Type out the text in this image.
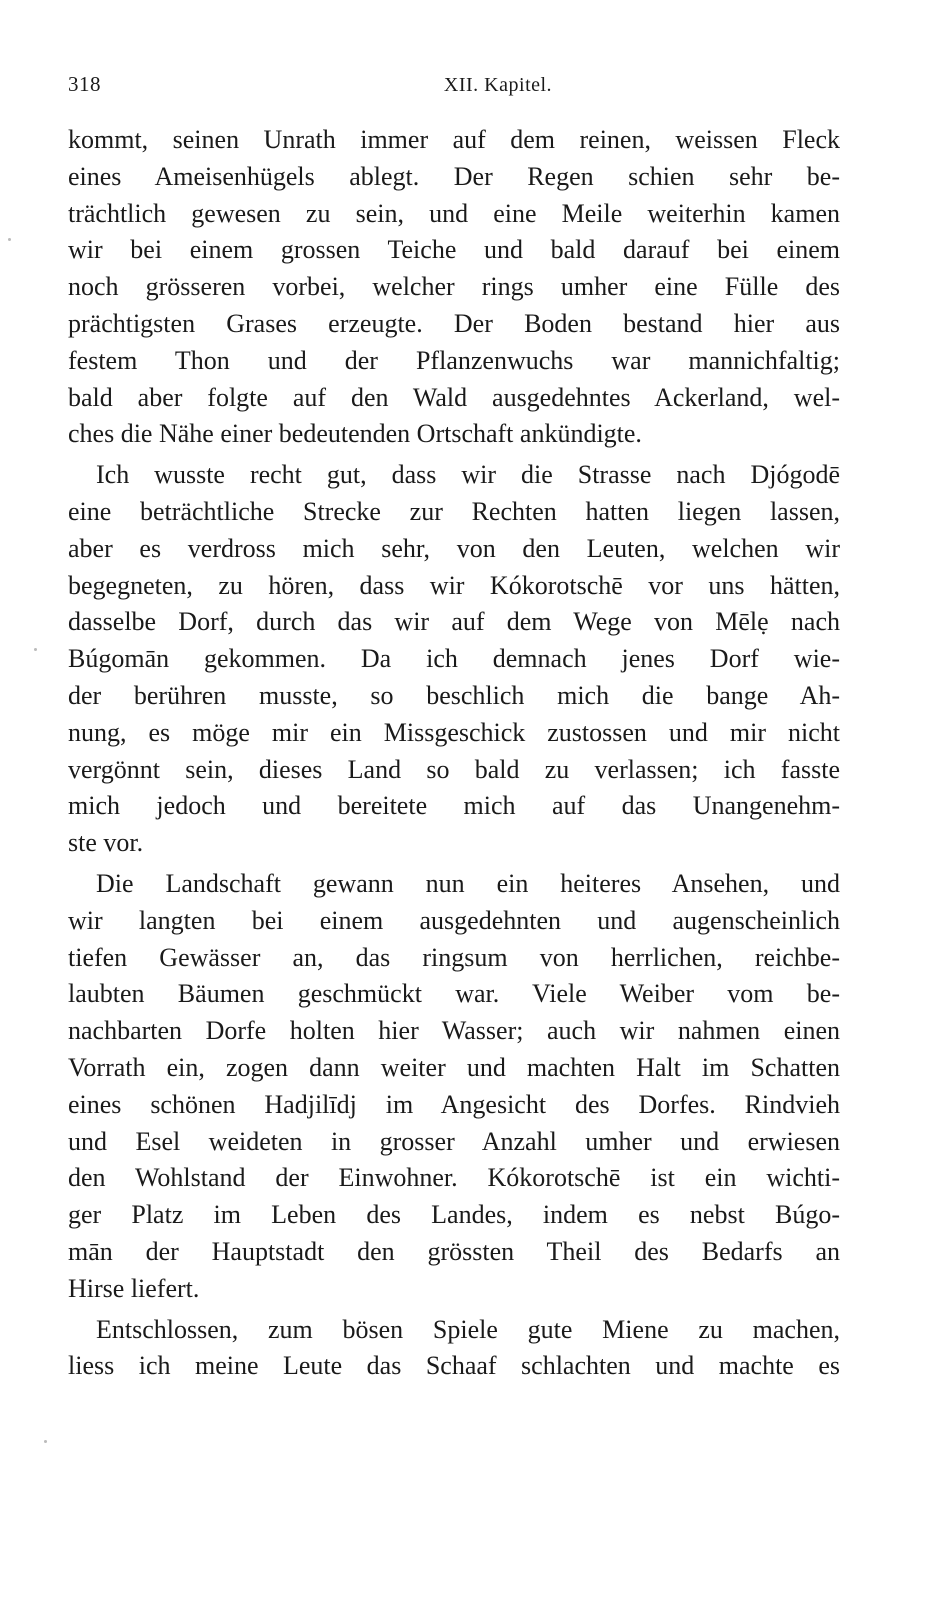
318	XII. Kapitel.
kommt, seinen Unrath immer auf dem reinen, weissen Fleck
eines Ameisenhügels ablegt. Der Regen schien sehr be-
trächtlich gewesen zu sein, und eine Meile weiterhin kamen
wir bei einem grossen Teiche und bald darauf bei einem
noch grösseren vorbei, welcher rings umher eine Fülle des
prächtigsten Grases erzeugte. Der Boden bestand hier aus
festem Thon und der Pflanzenwuchs war mannichfaltig;
bald aber folgte auf den Wald ausgedehntes Ackerland, wel-
ches die Nähe einer bedeutenden Ortschaft ankündigte.
Ich wusste recht gut, dass wir die Strasse nach Djógodē
eine beträchtliche Strecke zur Rechten hatten liegen lassen,
aber es verdross mich sehr, von den Leuten, welchen wir
begegneten, zu hören, dass wir Kókorotschē vor uns hätten,
dasselbe Dorf, durch das wir auf dem Wege von Mēlẹ nach
Búgomān gekommen. Da ich demnach jenes Dorf wie-
der berühren musste, so beschlich mich die bange Ah-
nung, es möge mir ein Missgeschick zustossen und mir nicht
vergönnt sein, dieses Land so bald zu verlassen; ich fasste
mich jedoch und bereitete mich auf das Unangenehm-
ste vor.
Die Landschaft gewann nun ein heiteres Ansehen, und
wir langten bei einem ausgedehnten und augenscheinlich
tiefen Gewässer an, das ringsum von herrlichen, reichbe-
laubten Bäumen geschmückt war. Viele Weiber vom be-
nachbarten Dorfe holten hier Wasser; auch wir nahmen einen
Vorrath ein, zogen dann weiter und machten Halt im Schatten
eines schönen Hadjilīdj im Angesicht des Dorfes. Rindvieh
und Esel weideten in grosser Anzahl umher und erwiesen
den Wohlstand der Einwohner. Kókorotschē ist ein wichti-
ger Platz im Leben des Landes, indem es nebst Búgo-
mān der Hauptstadt den grössten Theil des Bedarfs an
Hirse liefert.
Entschlossen, zum bösen Spiele gute Miene zu machen,
liess ich meine Leute das Schaaf schlachten und machte es
